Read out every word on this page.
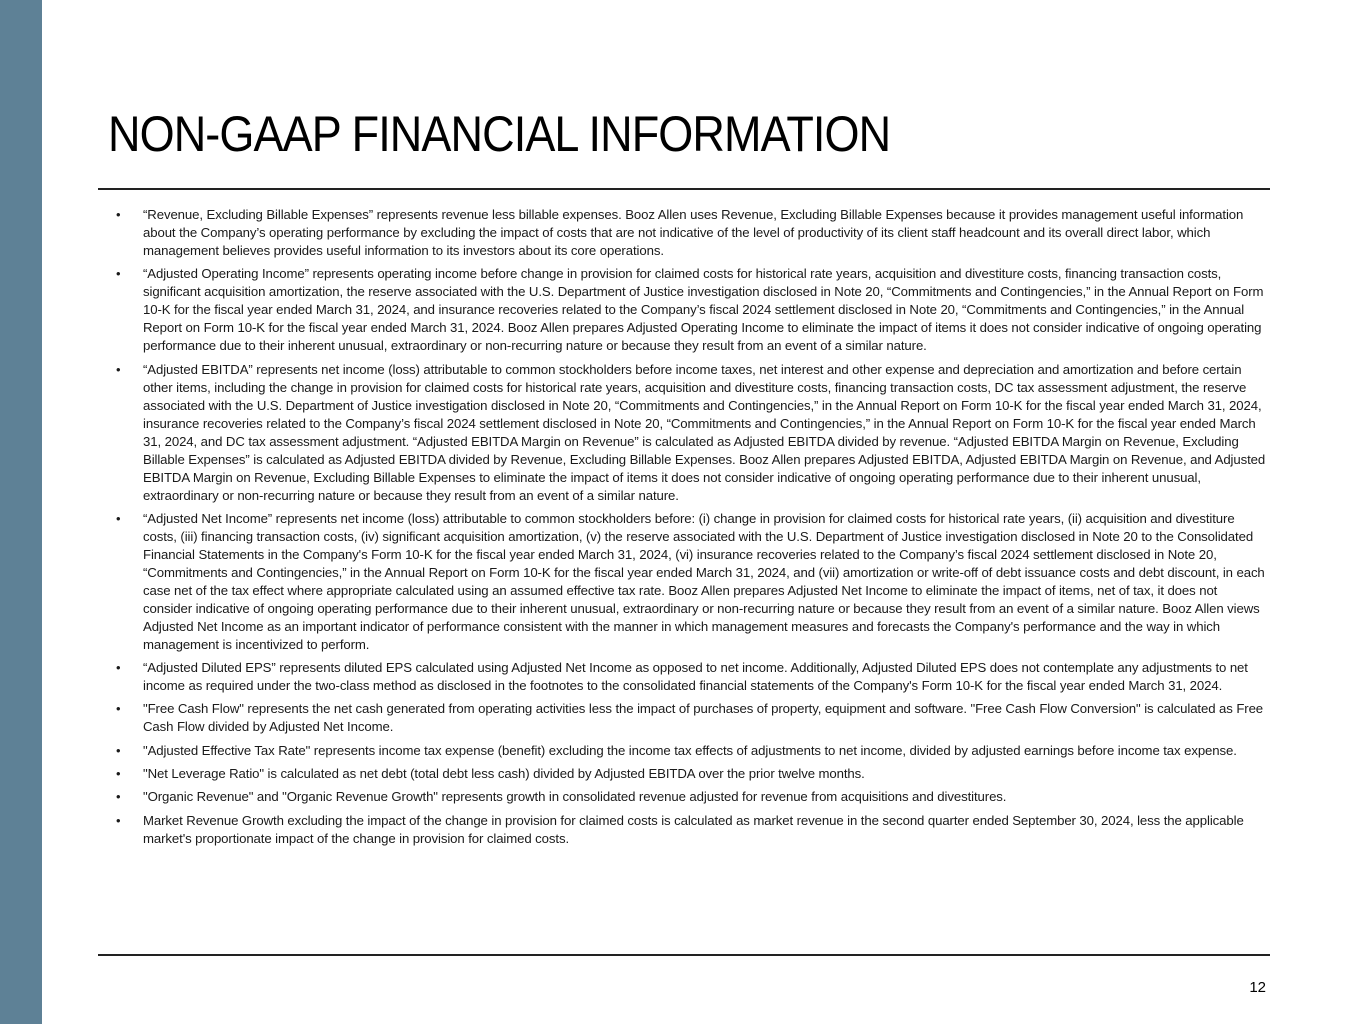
NON-GAAP FINANCIAL INFORMATION
• “Revenue, Excluding Billable Expenses” represents revenue less billable expenses. Booz Allen uses Revenue, Excluding Billable Expenses because it provides management useful information about the Company’s operating performance by excluding the impact of costs that are not indicative of the level of productivity of its client staff headcount and its overall direct labor, which management believes provides useful information to its investors about its core operations.
• “Adjusted Operating Income” represents operating income before change in provision for claimed costs for historical rate years, acquisition and divestiture costs, financing transaction costs, significant acquisition amortization, the reserve associated with the U.S. Department of Justice investigation disclosed in Note 20, “Commitments and Contingencies,” in the Annual Report on Form 10-K for the fiscal year ended March 31, 2024, and insurance recoveries related to the Company’s fiscal 2024 settlement disclosed in Note 20, “Commitments and Contingencies,” in the Annual Report on Form 10-K for the fiscal year ended March 31, 2024. Booz Allen prepares Adjusted Operating Income to eliminate the impact of items it does not consider indicative of ongoing operating performance due to their inherent unusual, extraordinary or non-recurring nature or because they result from an event of a similar nature.
• “Adjusted EBITDA” represents net income (loss) attributable to common stockholders before income taxes, net interest and other expense and depreciation and amortization and before certain other items, including the change in provision for claimed costs for historical rate years, acquisition and divestiture costs, financing transaction costs, DC tax assessment adjustment, the reserve associated with the U.S. Department of Justice investigation disclosed in Note 20, “Commitments and Contingencies,” in the Annual Report on Form 10-K for the fiscal year ended March 31, 2024, insurance recoveries related to the Company’s fiscal 2024 settlement disclosed in Note 20, “Commitments and Contingencies,” in the Annual Report on Form 10-K for the fiscal year ended March 31, 2024, and DC tax assessment adjustment. “Adjusted EBITDA Margin on Revenue” is calculated as Adjusted EBITDA divided by revenue. “Adjusted EBITDA Margin on Revenue, Excluding Billable Expenses” is calculated as Adjusted EBITDA divided by Revenue, Excluding Billable Expenses. Booz Allen prepares Adjusted EBITDA, Adjusted EBITDA Margin on Revenue, and Adjusted EBITDA Margin on Revenue, Excluding Billable Expenses to eliminate the impact of items it does not consider indicative of ongoing operating performance due to their inherent unusual, extraordinary or non-recurring nature or because they result from an event of a similar nature.
• “Adjusted Net Income” represents net income (loss) attributable to common stockholders before: (i) change in provision for claimed costs for historical rate years, (ii) acquisition and divestiture costs, (iii) financing transaction costs, (iv) significant acquisition amortization, (v) the reserve associated with the U.S. Department of Justice investigation disclosed in Note 20 to the Consolidated Financial Statements in the Company's Form 10-K for the fiscal year ended March 31, 2024, (vi) insurance recoveries related to the Company’s fiscal 2024 settlement disclosed in Note 20, “Commitments and Contingencies,” in the Annual Report on Form 10-K for the fiscal year ended March 31, 2024, and (vii) amortization or write-off of debt issuance costs and debt discount, in each case net of the tax effect where appropriate calculated using an assumed effective tax rate. Booz Allen prepares Adjusted Net Income to eliminate the impact of items, net of tax, it does not consider indicative of ongoing operating performance due to their inherent unusual, extraordinary or non-recurring nature or because they result from an event of a similar nature. Booz Allen views Adjusted Net Income as an important indicator of performance consistent with the manner in which management measures and forecasts the Company's performance and the way in which management is incentivized to perform.
• “Adjusted Diluted EPS” represents diluted EPS calculated using Adjusted Net Income as opposed to net income. Additionally, Adjusted Diluted EPS does not contemplate any adjustments to net income as required under the two-class method as disclosed in the footnotes to the consolidated financial statements of the Company's Form 10-K for the fiscal year ended March 31, 2024.
• "Free Cash Flow" represents the net cash generated from operating activities less the impact of purchases of property, equipment and software. "Free Cash Flow Conversion" is calculated as Free Cash Flow divided by Adjusted Net Income.
• "Adjusted Effective Tax Rate" represents income tax expense (benefit) excluding the income tax effects of adjustments to net income, divided by adjusted earnings before income tax expense.
• "Net Leverage Ratio" is calculated as net debt (total debt less cash) divided by Adjusted EBITDA over the prior twelve months.
• "Organic Revenue" and "Organic Revenue Growth" represents growth in consolidated revenue adjusted for revenue from acquisitions and divestitures.
• Market Revenue Growth excluding the impact of the change in provision for claimed costs is calculated as market revenue in the second quarter ended September 30, 2024, less the applicable market's proportionate impact of the change in provision for claimed costs.
12
